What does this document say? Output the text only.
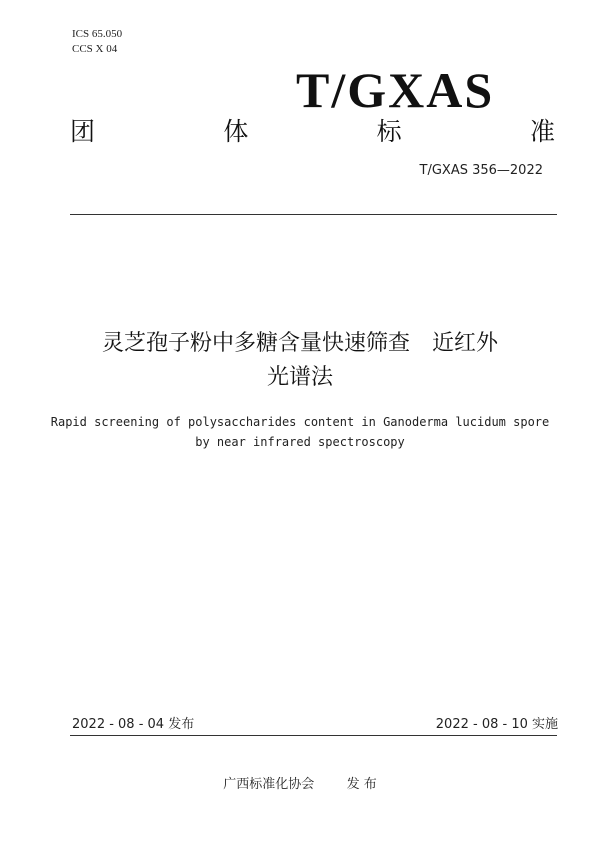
ICS 65.050
CCS X 04
T/GXAS
团	体	标	准
T/GXAS 356—2022
灵芝孢子粉中多糖含量快速筛查　近红外
光谱法
Rapid screening of polysaccharides content in Ganoderma lucidum spore
by near infrared spectroscopy
2022 - 08 - 04 发布	2022 - 08 - 10 实施
广西标准化协会 发 布
